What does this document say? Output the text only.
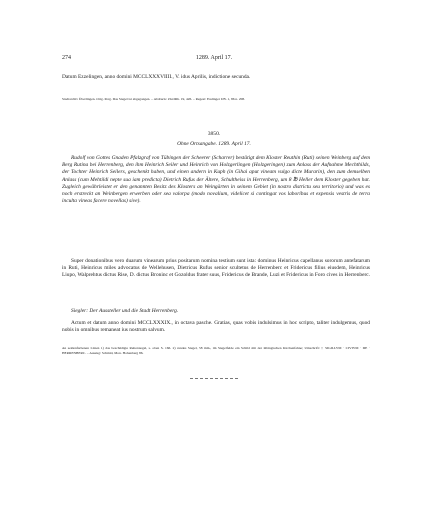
274	1289. April 17.

Datum Ezzelingen, anno domini MCCLXXXVIIII., V. idus Aprilis, indictione secunda.

Stadtarchiv Überlingen. Orig. Perg. Das Siegel ist abgegangen. – Abdruck: ZGORh. 19, 426. – Regest: Esslinger UB. 1, 86 n. 208.

3850.

Ohne Ortsangabe. 1289. April 17.

Rudolf von Gottes Gnaden Pfalzgraf von Tübingen der Scheerer (Scharrer) bestätigt dem Kloster Reuthin (Ruti) seinen Weinberg auf dem Berg Rutina bei Herrenberg, den ihm Heinrich Seiler und Heinrich von Holzgerlingen (Holzgeringen) zum Anlass der Aufnahme Mechthilds, der Tochter Heinrich Seilers, geschenkt haben, und einen andern in Kuph (in Gihai aput vineam vulgo dicte Murarin), den zum demselben Anlass (cum Mehtildi nepte sua iam predicta) Dietrich Rufus der Ältere, Schultheiss in Herrenberg, um 8 ℔ Heller dem Kloster gegeben hat. Zugleich gewährleistet er den genannten Besitz des Klosters an Weingärten in seinem Gebiet (in nostro districtu seu territorio) und was es noch erstreckt an Weinbergen erwerben oder sea valorpa (modo novalium, videlicet si contingat vos laboribus et expensis vestris de terra inculta vineas facere novellas) sive).

Super donationibus vero duarum vinearum prius positarum nomina testium sunt ista: dominus Heinricus capellanus sororum antefatarum in Ruti, Heinricus miles advocatus de Wellehusen, Dietricus Rufus senior scultetus de Herrenberc et Fridericus filius eiusdem, Heinricus Liupo, Walprehtus dictus Rise, D. dictus Broninc et Gozoldus frater suus, Fridericus de Brande, Luzi et Fridericus in Foro cives in Herrenberc.

Siegler: Der Aussteller und die Stadt Herrenberg.

Actum et datum anno domini MCCLXXXIX., in octava pasche. Gratias, quas vobis indulsimus in hoc scripto, taliter indulgemus, quod nobis in omnibus remaneat ius nostrum salvum.

An seidenfarbenen Litzen 1) das beschädigte Reitersiegel, s. oben S. 166. 2) rundes Siegel, 58 mm., im Siegelfelde ein Schild mit der tübingischen Kirchenfahne; Umschrift: † SIGILLVM · CIVIVM · DE · HERRENBERC. – Auszug: Schmid, Mon. Hohenberg 86.
